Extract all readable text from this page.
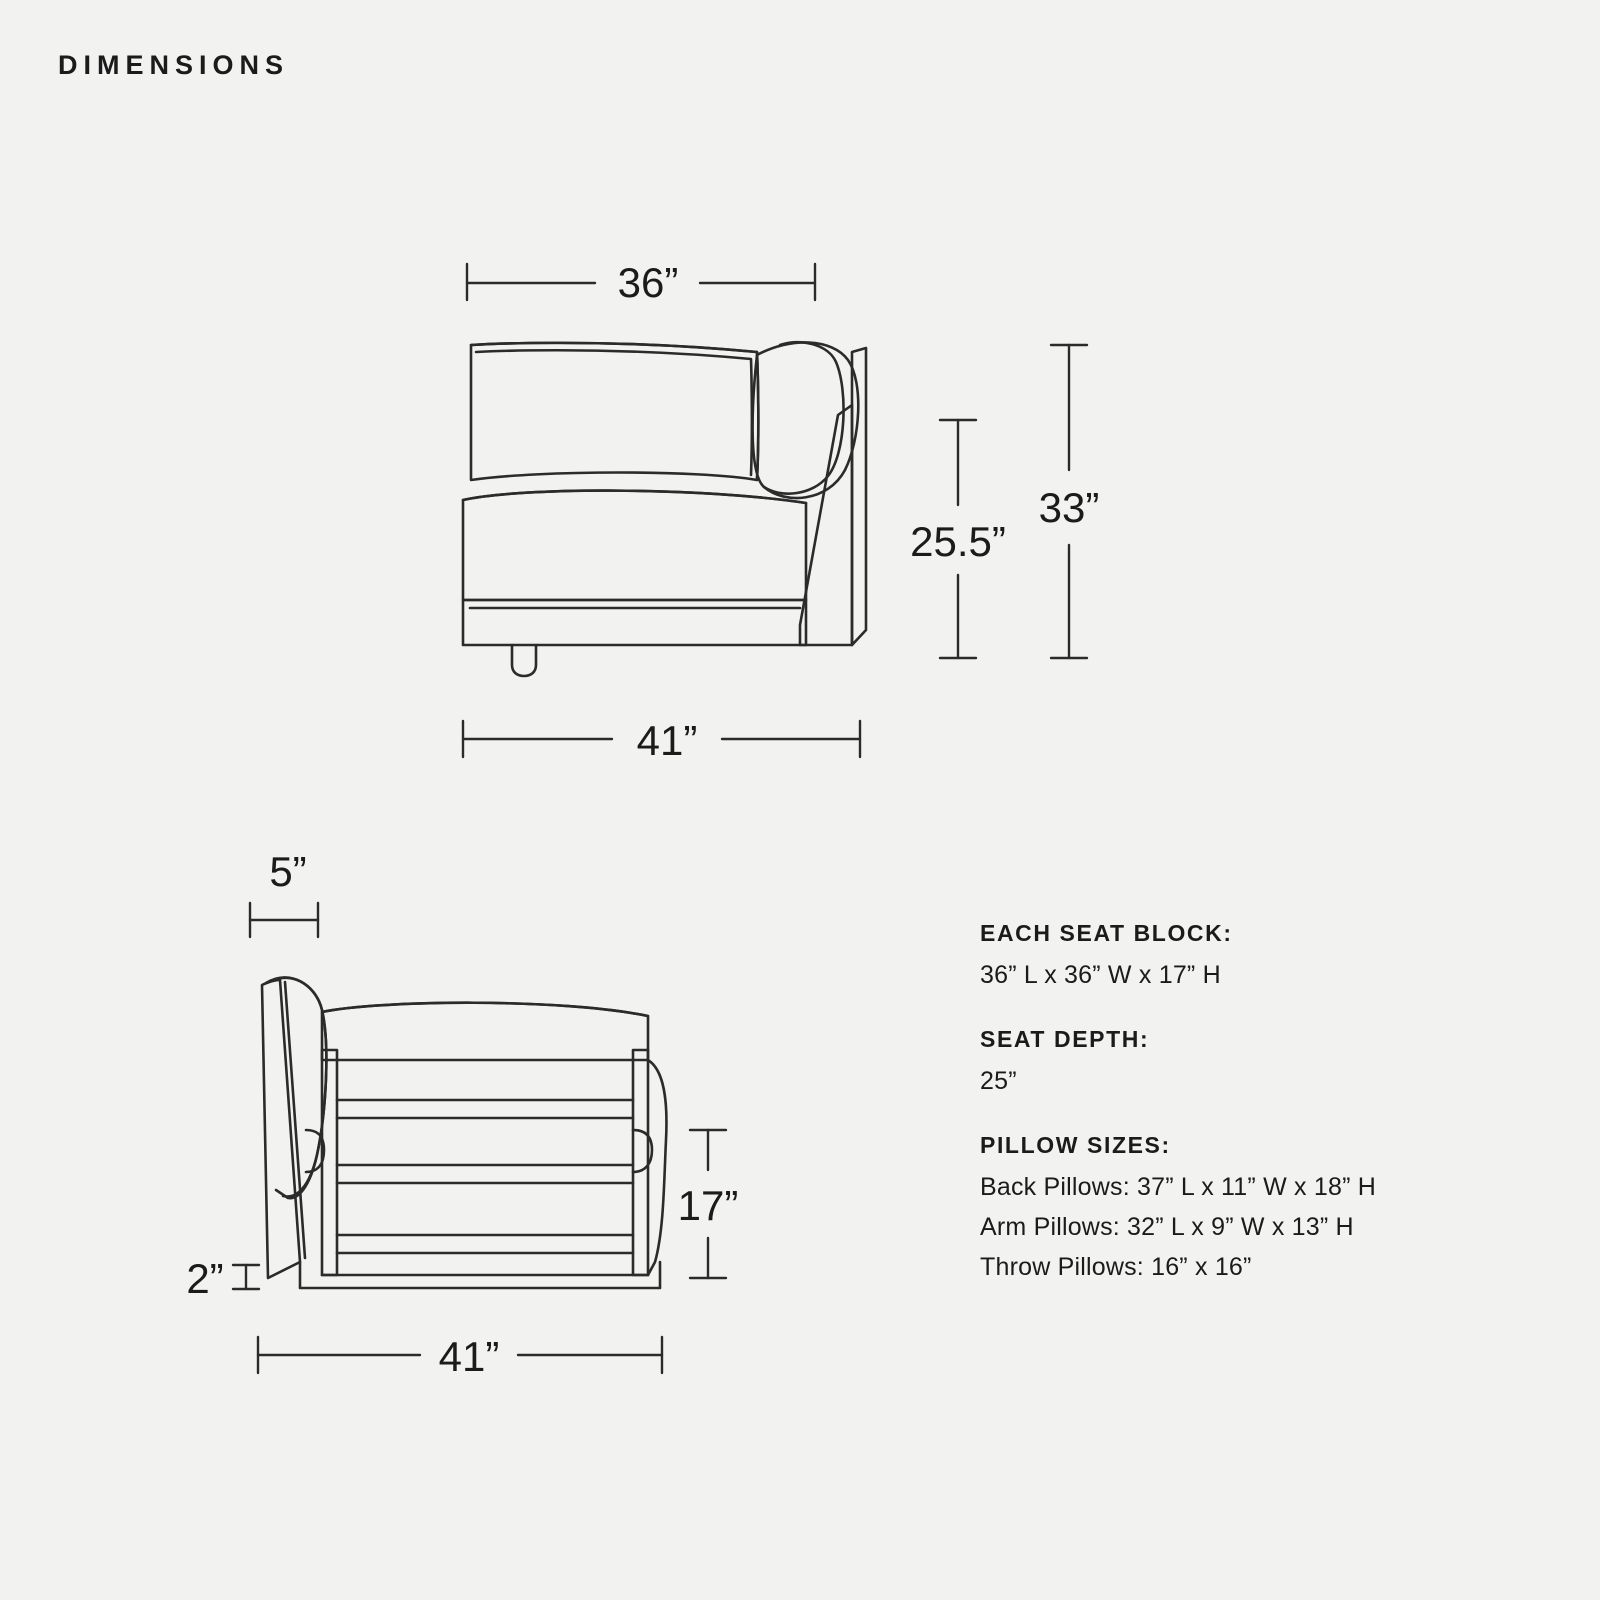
DIMENSIONS
36”
25.5”
33”
41”
5”
17”
2”
41”
EACH SEAT BLOCK:
36” L x 36” W x 17” H
SEAT DEPTH:
25”
PILLOW SIZES:
Back Pillows: 37” L x 11” W x 18” H
Arm Pillows: 32” L x 9” W x 13” H
Throw Pillows: 16” x 16”
